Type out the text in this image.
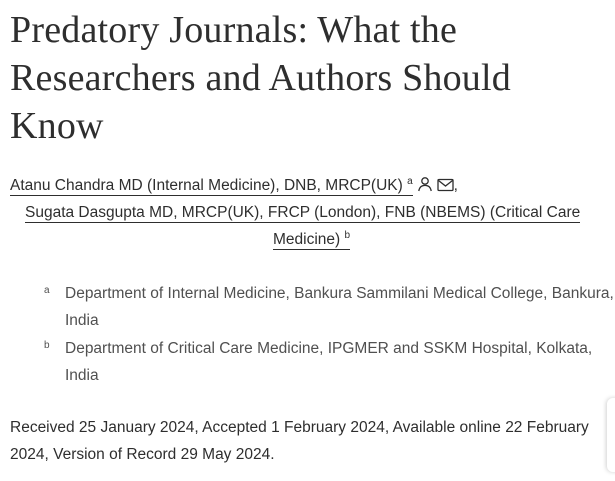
Predatory Journals: What the Researchers and Authors Should Know
Atanu Chandra MD (Internal Medicine), DNB, MRCP(UK) $^a$	,
Sugata Dasgupta MD, MRCP(UK), FRCP (London), FNB (NBEMS) (Critical Care
Medicine) $^b$
a Department of Internal Medicine, Bankura Sammilani Medical College, Bankura, India
b Department of Critical Care Medicine, IPGMER and SSKM Hospital, Kolkata, India
Received 25 January 2024, Accepted 1 February 2024, Available online 22 February 2024, Version of Record 29 May 2024.
